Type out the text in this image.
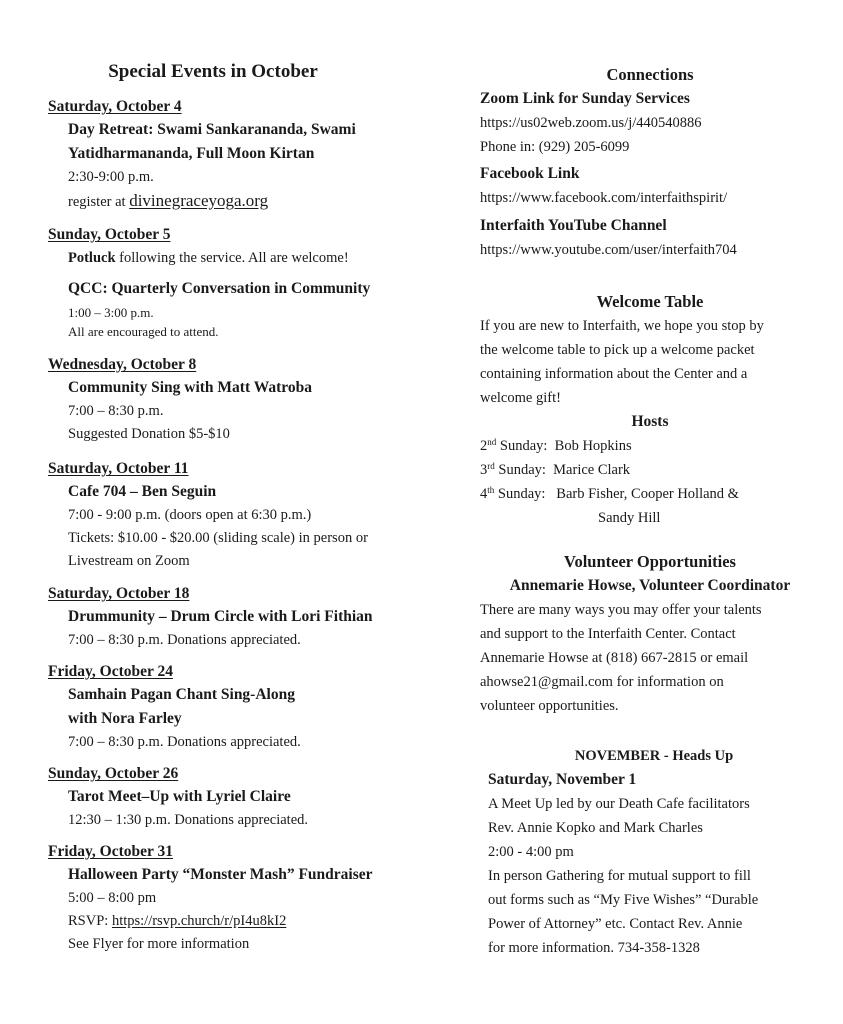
Special Events in October
Saturday, October 4
Day Retreat: Swami Sankarananda, Swami
Yatidharmananda, Full Moon Kirtan
2:30-9:00 p.m.
register at divinegraceyoga.org
Sunday, October 5
Potluck following the service. All are welcome!
QCC: Quarterly Conversation in Community
1:00 – 3:00 p.m.
All are encouraged to attend.
Wednesday, October 8
Community Sing with Matt Watroba
7:00 – 8:30 p.m.
Suggested Donation $5-$10
Saturday, October 11
Cafe 704 – Ben Seguin
7:00 - 9:00 p.m. (doors open at 6:30 p.m.)
Tickets: $10.00 - $20.00 (sliding scale) in person or
Livestream on Zoom
Saturday, October 18
Drummunity – Drum Circle with Lori Fithian
7:00 – 8:30 p.m. Donations appreciated.
Friday, October 24
Samhain Pagan Chant Sing-Along
with Nora Farley
7:00 – 8:30 p.m. Donations appreciated.
Sunday, October 26
Tarot Meet–Up with Lyriel Claire
12:30 – 1:30 p.m. Donations appreciated.
Friday, October 31
Halloween Party “Monster Mash” Fundraiser
5:00 – 8:00 pm
RSVP: https://rsvp.church/r/pI4u8kI2
See Flyer for more information
Connections
Zoom Link for Sunday Services
https://us02web.zoom.us/j/440540886
Phone in: (929) 205-6099
Facebook Link
https://www.facebook.com/interfaithspirit/
Interfaith YouTube Channel
https://www.youtube.com/user/interfaith704
Welcome Table
If you are new to Interfaith, we hope you stop by
the welcome table to pick up a welcome packet
containing information about the Center and a
welcome gift!
Hosts
2nd Sunday:  Bob Hopkins
3rd Sunday:  Marice Clark
4th Sunday:   Barb Fisher, Cooper Holland &
Sandy Hill
Volunteer Opportunities
Annemarie Howse, Volunteer Coordinator
There are many ways you may offer your talents
and support to the Interfaith Center. Contact
Annemarie Howse at (818) 667-2815 or email
ahowse21@gmail.com for information on
volunteer opportunities.
NOVEMBER - Heads Up
Saturday, November 1
A Meet Up led by our Death Cafe facilitators
Rev. Annie Kopko and Mark Charles
2:00 - 4:00 pm
In person Gathering for mutual support to fill
out forms such as “My Five Wishes” “Durable
Power of Attorney” etc. Contact Rev. Annie
for more information. 734-358-1328
